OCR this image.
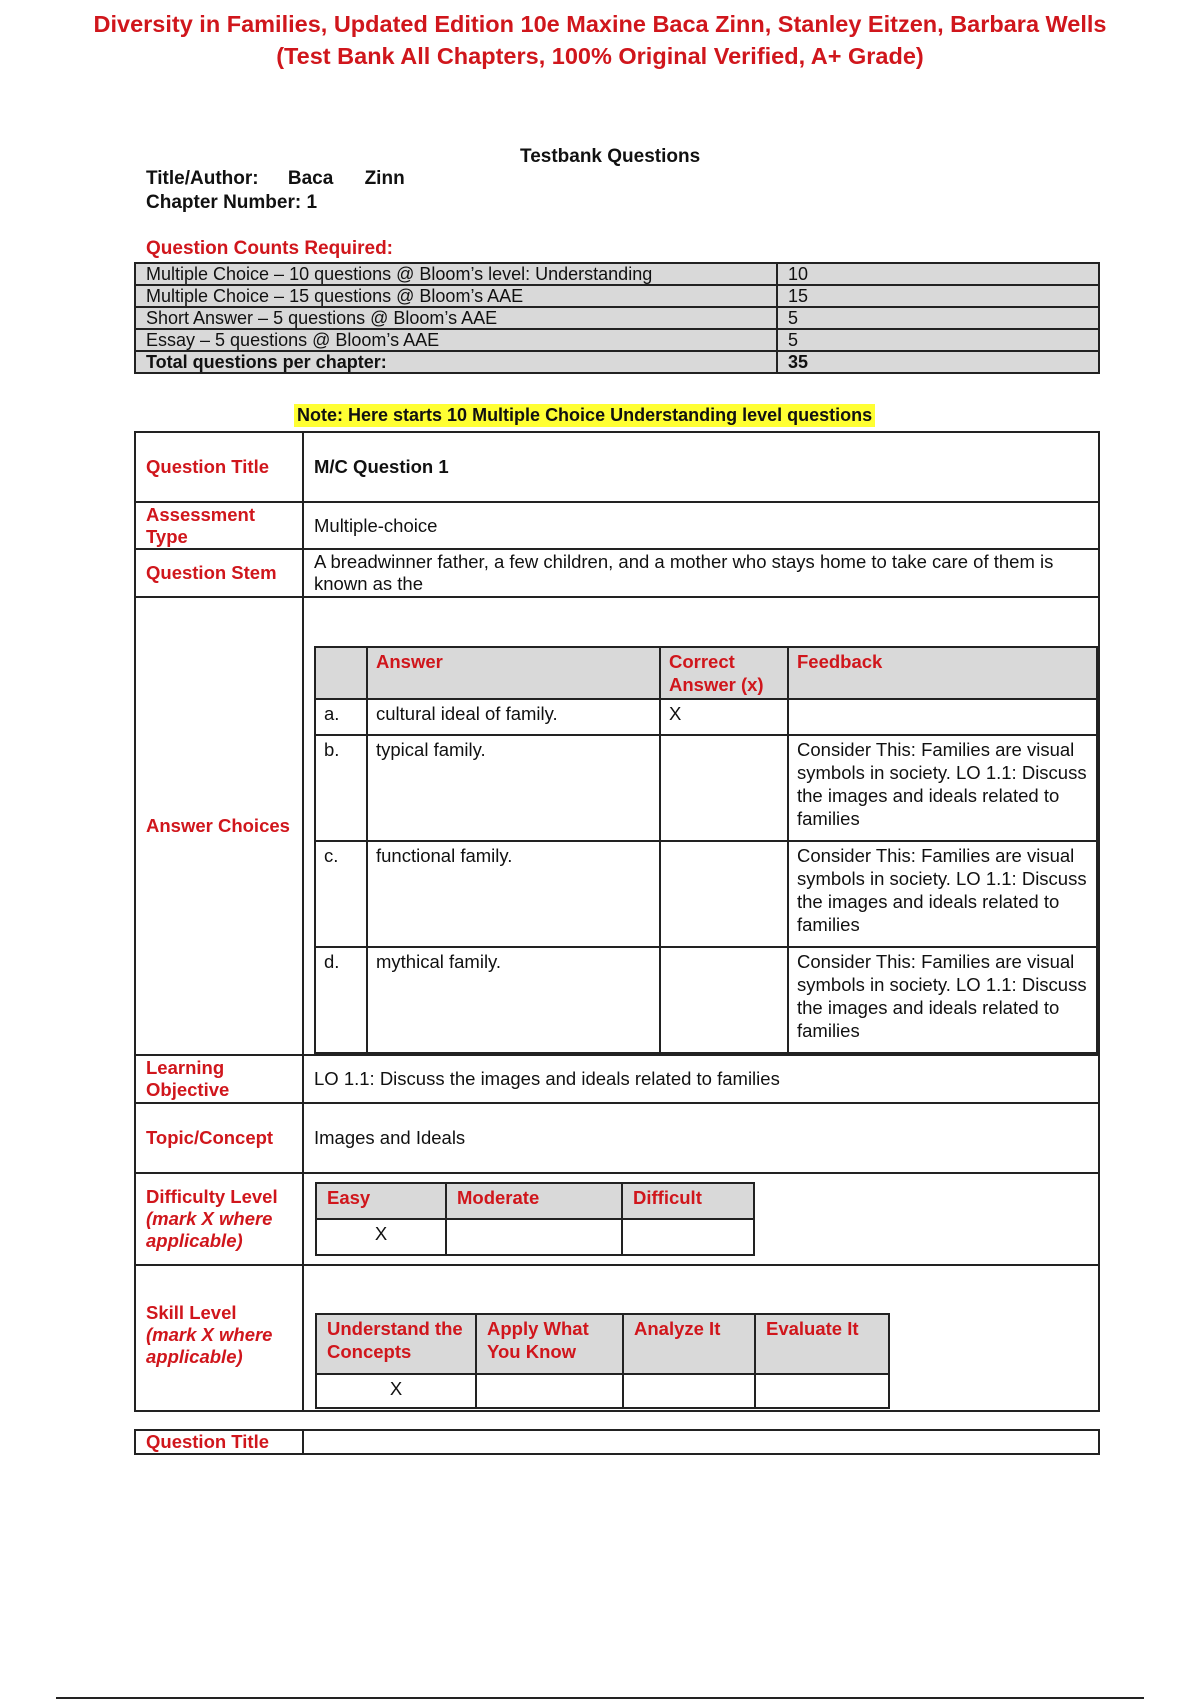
Diversity in Families, Updated Edition 10e Maxine Baca Zinn, Stanley Eitzen, Barbara Wells
(Test Bank All Chapters, 100% Original Verified, A+ Grade)
Testbank Questions
Title/Author: Baca Zinn
Chapter Number: 1
Question Counts Required:
Multiple Choice – 10 questions @ Bloom’s level: Understanding	10
Multiple Choice – 15 questions @ Bloom’s AAE	15
Short Answer – 5 questions @ Bloom’s AAE	5
Essay – 5 questions @ Bloom’s AAE	5
Total questions per chapter:	35
Note: Here starts 10 Multiple Choice Understanding level questions
Question Title	M/C Question 1
Assessment Type	Multiple-choice
Question Stem	A breadwinner father, a few children, and a mother who stays home to take care of them is known as the
Answer Choices	
	Answer	Correct Answer (x)	Feedback
a.	cultural ideal of family.	X	
b.	typical family.		Consider This: Families are visual symbols in society. LO 1.1: Discuss the images and ideals related to families
c.	functional family.		Consider This: Families are visual symbols in society. LO 1.1: Discuss the images and ideals related to families
d.	mythical family.		Consider This: Families are visual symbols in society. LO 1.1: Discuss the images and ideals related to families

Learning Objective	LO 1.1: Discuss the images and ideals related to families
Topic/Concept	Images and Ideals

Difficulty Level
(mark X where applicable)

Easy	Moderate	Difficult
X		

Skill Level
(mark X where applicable)

Understand the Concepts	Apply What You Know	Analyze It	Evaluate It
X			
Question Title	
